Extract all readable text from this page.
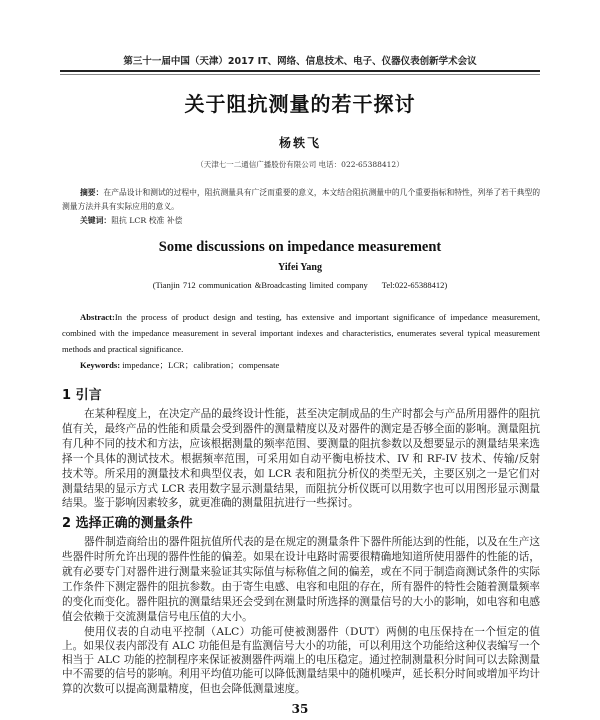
第三十一届中国（天津）2017 IT、网络、信息技术、电子、仪器仪表创新学术会议
关于阻抗测量的若干探讨
杨轶飞
（天津七一二通信广播股份有限公司 电话：022-65388412）
摘要：在产品设计和测试的过程中，阻抗测量具有广泛而重要的意义，本文结合阻抗测量中的几个重要指标和特性，列举了若干典型的测量方法并具有实际应用的意义。
关键词：阻抗 LCR 校准 补偿
Some discussions on impedance measurement
Yifei Yang
(Tianjin 712 communication &Broadcasting limited company Tel:022-65388412)
Abstract:In the process of product design and testing, has extensive and important significance of impedance measurement, combined with the impedance measurement in several important indexes and characteristics, enumerates several typical measurement methods and practical significance.
Keywords: impedance；LCR；calibration；compensate
1 引言
在某种程度上，在决定产品的最终设计性能，甚至决定制成品的生产时都会与产品所用器件的阻抗值有关，最终产品的性能和质量会受到器件的测量精度以及对器件的测定是否够全面的影响。测量阻抗有几种不同的技术和方法，应该根据测量的频率范围、要测量的阻抗参数以及想要显示的测量结果来选择一个具体的测试技术。根据频率范围，可采用如自动平衡电桥技术、IV 和 RF-IV 技术、传输/反射技术等。所采用的测量技术和典型仪表，如 LCR 表和阻抗分析仪的类型无关，主要区别之一是它们对测量结果的显示方式 LCR 表用数字显示测量结果，而阻抗分析仪既可以用数字也可以用图形显示测量结果。鉴于影响因素较多，就更准确的测量阻抗进行一些探讨。
2 选择正确的测量条件
器件制造商给出的器件阻抗值所代表的是在规定的测量条件下器件所能达到的性能，以及在生产这些器件时所允许出现的器件性能的偏差。如果在设计电路时需要很精确地知道所使用器件的性能的话，就有必要专门对器件进行测量来验证其实际值与标称值之间的偏差，或在不同于制造商测试条件的实际工作条件下测定器件的阻抗参数。由于寄生电感、电容和电阻的存在，所有器件的特性会随着测量频率的变化而变化。器件阻抗的测量结果还会受到在测量时所选择的测量信号的大小的影响，如电容和电感值会依赖于交流测量信号电压值的大小。
使用仪表的自动电平控制（ALC）功能可使被测器件（DUT）两侧的电压保持在一个恒定的值上。如果仪表内部没有 ALC 功能但是有监测信号大小的功能，可以利用这个功能给这种仪表编写一个相当于 ALC 功能的控制程序来保证被测器件两端上的电压稳定。通过控制测量积分时间可以去除测量中不需要的信号的影响。利用平均值功能可以降低测量结果中的随机噪声，延长积分时间或增加平均计算的次数可以提高测量精度，但也会降低测量速度。
35
